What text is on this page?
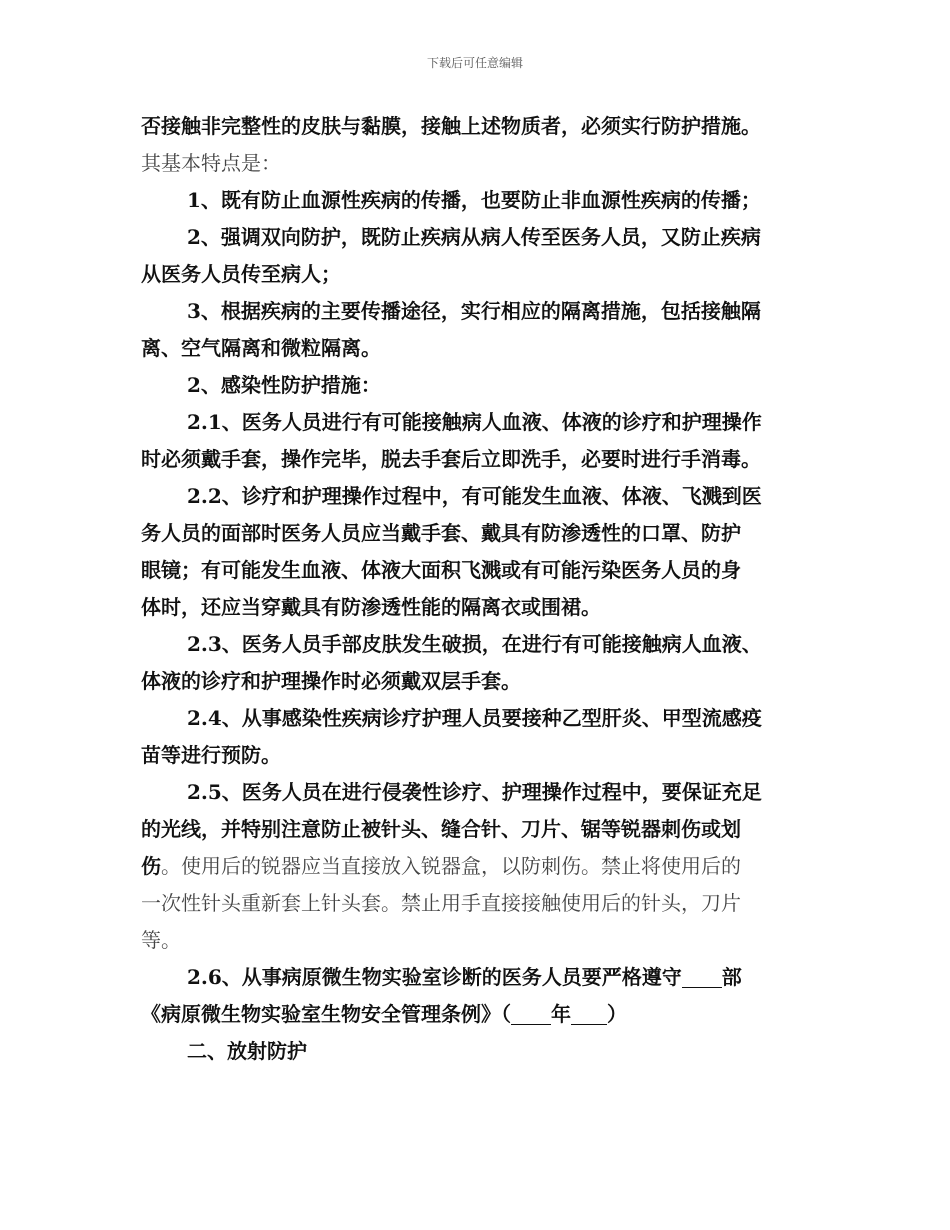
下载后可任意编辑
否接触非完整性的皮肤与黏膜，接触上述物质者，必须实行防护措施。
其基本特点是：
1、既有防止血源性疾病的传播，也要防止非血源性疾病的传播；
2、强调双向防护，既防止疾病从病人传至医务人员，又防止疾病
从医务人员传至病人；
3、根据疾病的主要传播途径，实行相应的隔离措施，包括接触隔
离、空气隔离和微粒隔离。
2、感染性防护措施：
2.1、医务人员进行有可能接触病人血液、体液的诊疗和护理操作
时必须戴手套，操作完毕，脱去手套后立即洗手，必要时进行手消毒。
2.2、诊疗和护理操作过程中，有可能发生血液、体液、飞溅到医
务人员的面部时医务人员应当戴手套、戴具有防渗透性的口罩、防护
眼镜；有可能发生血液、体液大面积飞溅或有可能污染医务人员的身
体时，还应当穿戴具有防渗透性能的隔离衣或围裙。
2.3、医务人员手部皮肤发生破损，在进行有可能接触病人血液、
体液的诊疗和护理操作时必须戴双层手套。
2.4、从事感染性疾病诊疗护理人员要接种乙型肝炎、甲型流感疫
苗等进行预防。
2.5、医务人员在进行侵袭性诊疗、护理操作过程中，要保证充足
的光线，并特别注意防止被针头、缝合针、刀片、锯等锐器刺伤或划
伤。使用后的锐器应当直接放入锐器盒，以防刺伤。禁止将使用后的
一次性针头重新套上针头套。禁止用手直接接触使用后的针头，刀片
等。
2.6、从事病原微生物实验室诊断的医务人员要严格遵守 部
《病原微生物实验室生物安全管理条例》（ 年 ）
二、放射防护
